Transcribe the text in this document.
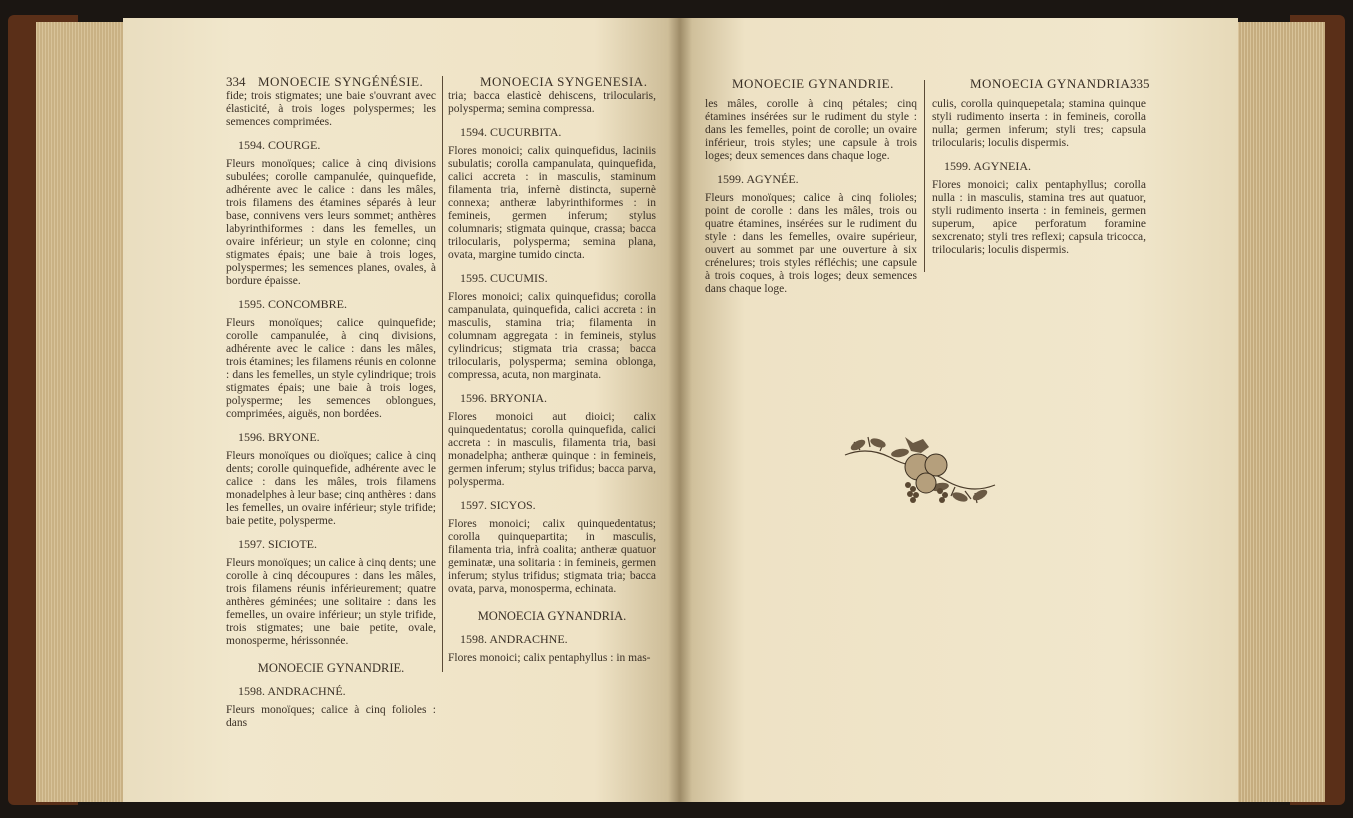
334 MONOECIE SYNGÉNÉSIE.	MONOECIA SYNGENESIA.

fide; trois stigmates; une baie s'ouvrant avec élasticité, à trois loges polyspermes; les semences comprimées.

1594. COURGE.

Fleurs monoïques; calice à cinq divisions subulées; corolle campanulée, quinquefide, adhérente avec le calice : dans les mâles, trois filamens des étamines séparés à leur base, connivens vers leurs sommet; anthères labyrinthiformes : dans les femelles, un ovaire inférieur; un style en colonne; cinq stigmates épais; une baie à trois loges, polyspermes; les semences planes, ovales, à bordure épaisse.

1595. CONCOMBRE.

Fleurs monoïques; calice quinquefide; corolle campanulée, à cinq divisions, adhérente avec le calice : dans les mâles, trois étamines; les filamens réunis en colonne : dans les femelles, un style cylindrique; trois stigmates épais; une baie à trois loges, polysperme; les semences oblongues, comprimées, aiguës, non bordées.

1596. BRYONE.

Fleurs monoïques ou dioïques; calice à cinq dents; corolle quinquefide, adhérente avec le calice : dans les mâles, trois filamens monadelphes à leur base; cinq anthères : dans les femelles, un ovaire inférieur; style trifide; baie petite, polysperme.

1597. SICIOTE.

Fleurs monoïques; un calice à cinq dents; une corolle à cinq découpures : dans les mâles, trois filamens réunis inférieurement; quatre anthères géminées; une solitaire : dans les femelles, un ovaire inférieur; un style trifide, trois stigmates; une baie petite, ovale, monosperme, hérissonnée.

MONOECIE GYNANDRIE.

1598. ANDRACHNÉ.

Fleurs monoïques; calice à cinq folioles : dans

tria; bacca elasticè dehiscens, trilocularis, polysperma; semina compressa.

1594. CUCURBITA.

Flores monoici; calix quinquefidus, laciniis subulatis; corolla campanulata, quinquefida, calici accreta : in masculis, staminum filamenta tria, infernè distincta, supernè connexa; antheræ labyrinthiformes : in femineis, germen inferum; stylus columnaris; stigmata quinque, crassa; bacca trilocularis, polysperma; semina plana, ovata, margine tumido cincta.

1595. CUCUMIS.

Flores monoici; calix quinquefidus; corolla campanulata, quinquefida, calici accreta : in masculis, stamina tria; filamenta in columnam aggregata : in femineis, stylus cylindricus; stigmata tria crassa; bacca trilocularis, polysperma; semina oblonga, compressa, acuta, non marginata.

1596. BRYONIA.

Flores monoici aut dioici; calix quinquedentatus; corolla quinquefida, calici accreta : in masculis, filamenta tria, basi monadelpha; antheræ quinque : in femineis, germen inferum; stylus trifidus; bacca parva, polysperma.

1597. SICYOS.

Flores monoici; calix quinquedentatus; corolla quinquepartita; in masculis, filamenta tria, infrà coalita; antheræ quatuor geminatæ, una solitaria : in femineis, germen inferum; stylus trifidus; stigmata tria; bacca ovata, parva, monosperma, echinata.

MONOECIA GYNANDRIA.

1598. ANDRACHNE.

Flores monoici; calix pentaphyllus : in mas-

MONOECIE GYNANDRIE.	MONOECIA GYNANDRIA.
335

les mâles, corolle à cinq pétales; cinq étamines insérées sur le rudiment du style : dans les femelles, point de corolle; un ovaire inférieur, trois styles; une capsule à trois loges; deux semences dans chaque loge.

1599. AGYNÉE.

Fleurs monoïques; calice à cinq folioles; point de corolle : dans les mâles, trois ou quatre étamines, insérées sur le rudiment du style : dans les femelles, ovaire supérieur, ouvert au sommet par une ouverture à six crénelures; trois styles réfléchis; une capsule à trois coques, à trois loges; deux semences dans chaque loge.

culis, corolla quinquepetala; stamina quinque styli rudimento inserta : in femineis, corolla nulla; germen inferum; styli tres; capsula trilocularis; loculis dispermis.

1599. AGYNEIA.

Flores monoici; calix pentaphyllus; corolla nulla : in masculis, stamina tres aut quatuor, styli rudimento inserta : in femineis, germen superum, apice perforatum foramine sexcrenato; styli tres reflexi; capsula tricocca, trilocularis; loculis dispermis.
